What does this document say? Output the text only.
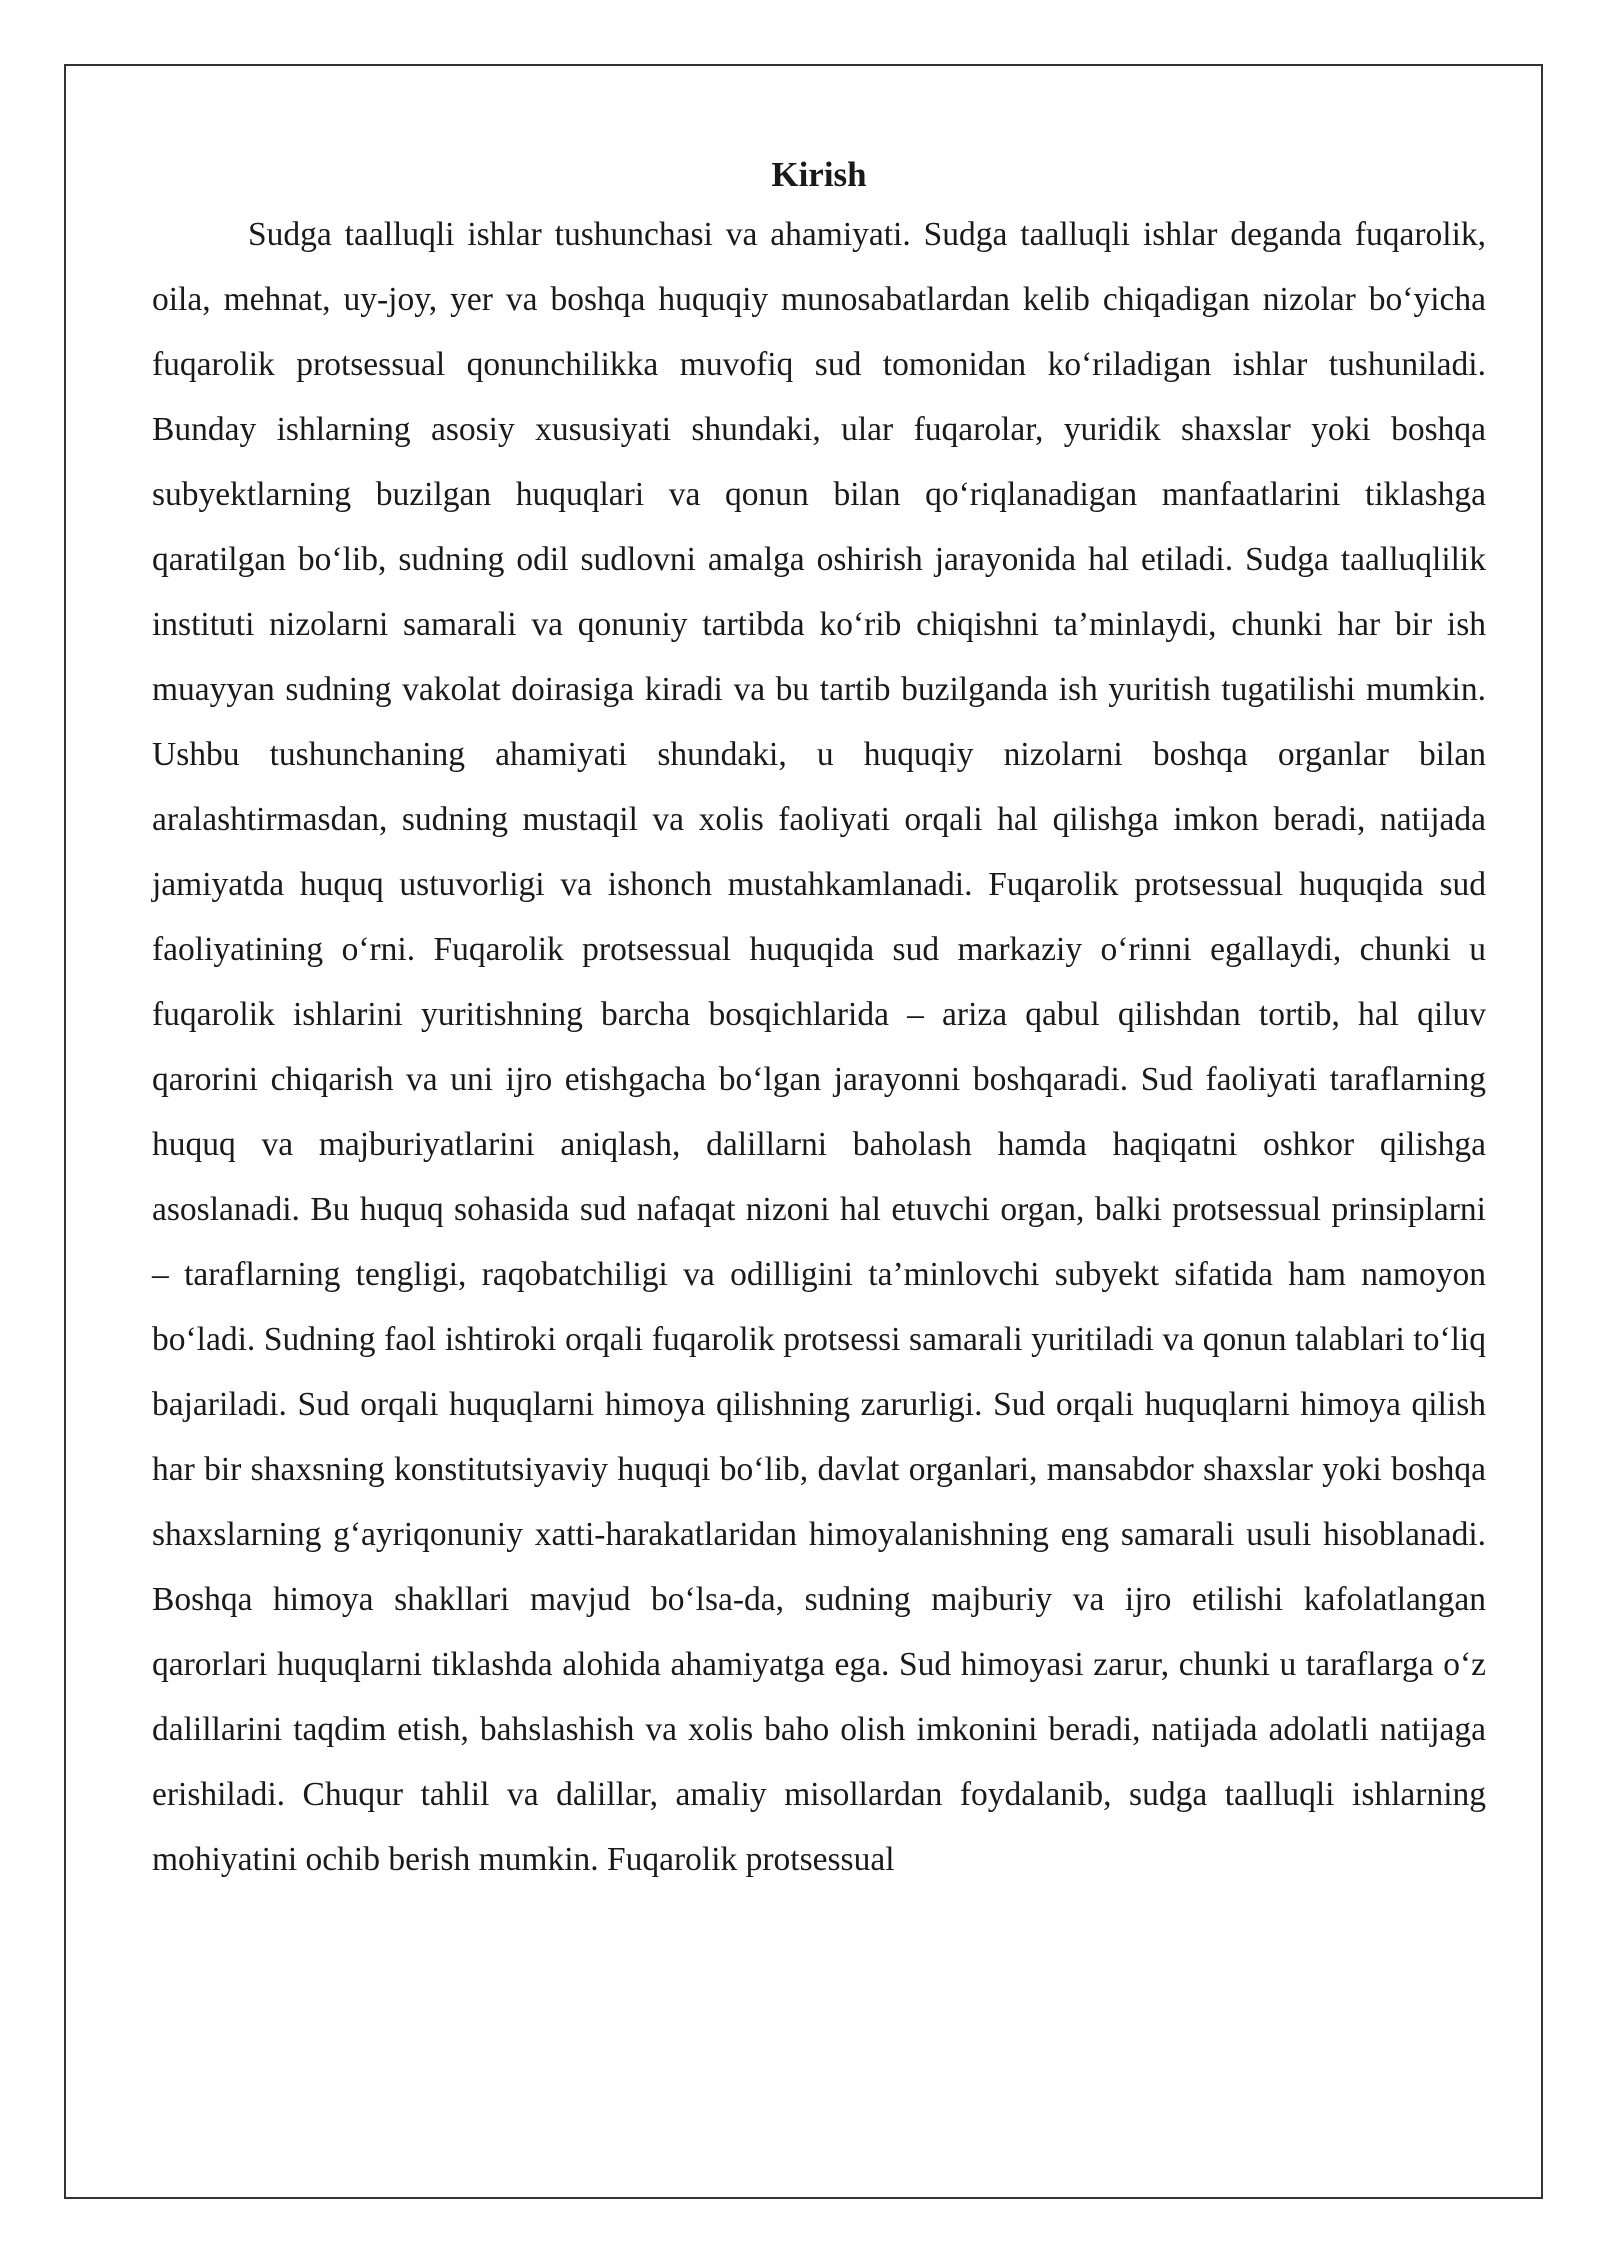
Kirish

Sudga taalluqli ishlar tushunchasi va ahamiyati. Sudga taalluqli ishlar deganda fuqarolik, oila, mehnat, uy-joy, yer va boshqa huquqiy munosabatlardan kelib chiqadigan nizolar bo‘yicha fuqarolik protsessual qonunchilikka muvofiq sud tomonidan ko‘riladigan ishlar tushuniladi. Bunday ishlarning asosiy xususiyati shundaki, ular fuqarolar, yuridik shaxslar yoki boshqa subyektlarning buzilgan huquqlari va qonun bilan qo‘riqlanadigan manfaatlarini tiklashga qaratilgan bo‘lib, sudning odil sudlovni amalga oshirish jarayonida hal etiladi. Sudga taalluqlilik instituti nizolarni samarali va qonuniy tartibda ko‘rib chiqishni ta’minlaydi, chunki har bir ish muayyan sudning vakolat doirasiga kiradi va bu tartib buzilganda ish yuritish tugatilishi mumkin. Ushbu tushunchaning ahamiyati shundaki, u huquqiy nizolarni boshqa organlar bilan aralashtirmasdan, sudning mustaqil va xolis faoliyati orqali hal qilishga imkon beradi, natijada jamiyatda huquq ustuvorligi va ishonch mustahkamlanadi. Fuqarolik protsessual huquqida sud faoliyatining o‘rni. Fuqarolik protsessual huquqida sud markaziy o‘rinni egallaydi, chunki u fuqarolik ishlarini yuritishning barcha bosqichlarida – ariza qabul qilishdan tortib, hal qiluv qarorini chiqarish va uni ijro etishgacha bo‘lgan jarayonni boshqaradi. Sud faoliyati taraflarning huquq va majburiyatlarini aniqlash, dalillarni baholash hamda haqiqatni oshkor qilishga asoslanadi. Bu huquq sohasida sud nafaqat nizoni hal etuvchi organ, balki protsessual prinsiplarni – taraflarning tengligi, raqobatchiligi va odilligini ta’minlovchi subyekt sifatida ham namoyon bo‘ladi. Sudning faol ishtiroki orqali fuqarolik protsessi samarali yuritiladi va qonun talablari to‘liq bajariladi. Sud orqali huquqlarni himoya qilishning zarurligi. Sud orqali huquqlarni himoya qilish har bir shaxsning konstitutsiyaviy huquqi bo‘lib, davlat organlari, mansabdor shaxslar yoki boshqa shaxslarning g‘ayriqonuniy xatti-harakatlaridan himoyalanishning eng samarali usuli hisoblanadi. Boshqa himoya shakllari mavjud bo‘lsa-da, sudning majburiy va ijro etilishi kafolatlangan qarorlari huquqlarni tiklashda alohida ahamiyatga ega. Sud himoyasi zarur, chunki u taraflarga o‘z dalillarini taqdim etish, bahslashish va xolis baho olish imkonini beradi, natijada adolatli natijaga erishiladi. Chuqur tahlil va dalillar, amaliy misollardan foydalanib, sudga taalluqli ishlarning mohiyatini ochib berish mumkin. Fuqarolik protsessual
